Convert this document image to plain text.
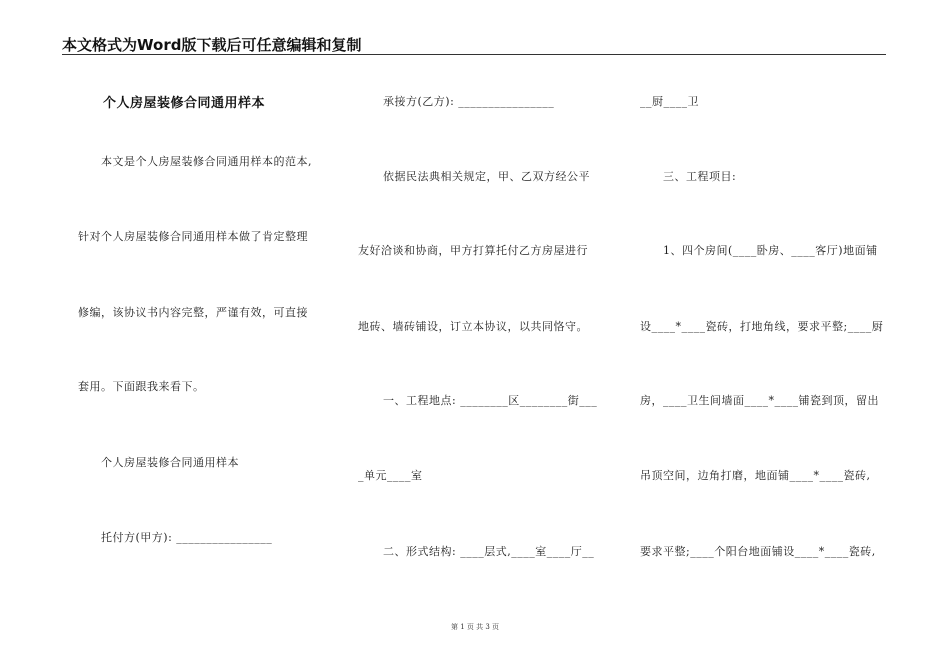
本文格式为Word版下载后可任意编辑和复制
个人房屋装修合同通用样本
本文是个人房屋装修合同通用样本的范本,
针对个人房屋装修合同通用样本做了肯定整理
修编，该协议书内容完整，严谨有效，可直接
套用。下面跟我来看下。
个人房屋装修合同通用样本
托付方(甲方): ________________
承接方(乙方): ________________
依据民法典相关规定，甲、乙双方经公平
友好洽谈和协商，甲方打算托付乙方房屋进行
地砖、墙砖铺设，订立本协议，以共同恪守。
一、工程地点: ________区________街___
_单元____室
二、形式结构: ____层式,____室____厅__
__厨____卫
三、工程项目:
1、四个房间(____卧房、____客厅)地面铺
设____*____瓷砖，打地角线，要求平整;____厨
房，____卫生间墙面____*____铺瓷到顶，留出
吊顶空间，边角打磨，地面铺____*____瓷砖,
要求平整;____个阳台地面铺设____*____瓷砖,
第 1 页 共 3 页
